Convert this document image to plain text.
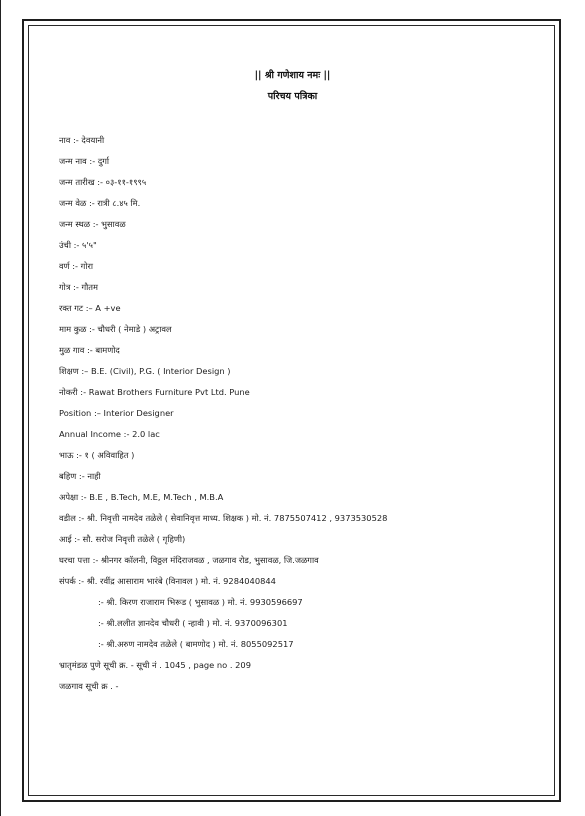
|| श्री गणेशाय नमः ||
परिचय पत्रिका
नाव :- देवयानी
जन्म नाव :- दुर्गा
जन्म तारीख :- ०३-११-१९९५
जन्म वेळ :- रात्री ८.४५ मि.
जन्म स्थळ :- भुसावळ
उंची :- ५'५"
वर्ण :- गोरा
गोत्र :- गौतम
रक्त गट :– A +ve
माम कुळ :- चौधरी ( नेमाडे ) अट्रावल
मुळ गाव :- बामणोद
शिक्षण :– B.E. (Civil), P.G. ( Interior Design )
नोकरी :- Rawat Brothers Furniture Pvt Ltd. Pune
Position :– Interior Designer
Annual Income :- 2.0 lac
भाऊ :- १ ( अविवाहित )
बहिण :- नाही
अपेक्षा :- B.E , B.Tech, M.E, M.Tech , M.B.A
वडील :- श्री. निवृत्ती नामदेव तळेले ( सेवानिवृत्त माध्य. शिक्षक ) मो. नं. 7875507412 , 9373530528
आई :- सौ. सरोज निवृत्ती तळेले ( गृहिणी)
घरचा पत्ता :- श्रीनगर कॉलनी, विठ्ठल मंदिराजवळ , जळगाव रोड, भुसावळ, जि.जळगाव
संपर्क :- श्री. रवींद्र आसाराम भारंबे (विनावल ) मो. नं. 9284040844
:- श्री. किरण राजाराम भिरूड ( भुसावळ ) मो. नं. 9930596697
:- श्री.ललीत ज्ञानदेव चौधरी ( न्हावी ) मो. नं. 9370096301
:- श्री.अरुण नामदेव तळेले ( बामणोद ) मो. नं. 8055092517
भ्रातृमंडळ पुणे सूची क्र. - सूची नं . 1045 , page no . 209
जळगाव सूची क्र . -
